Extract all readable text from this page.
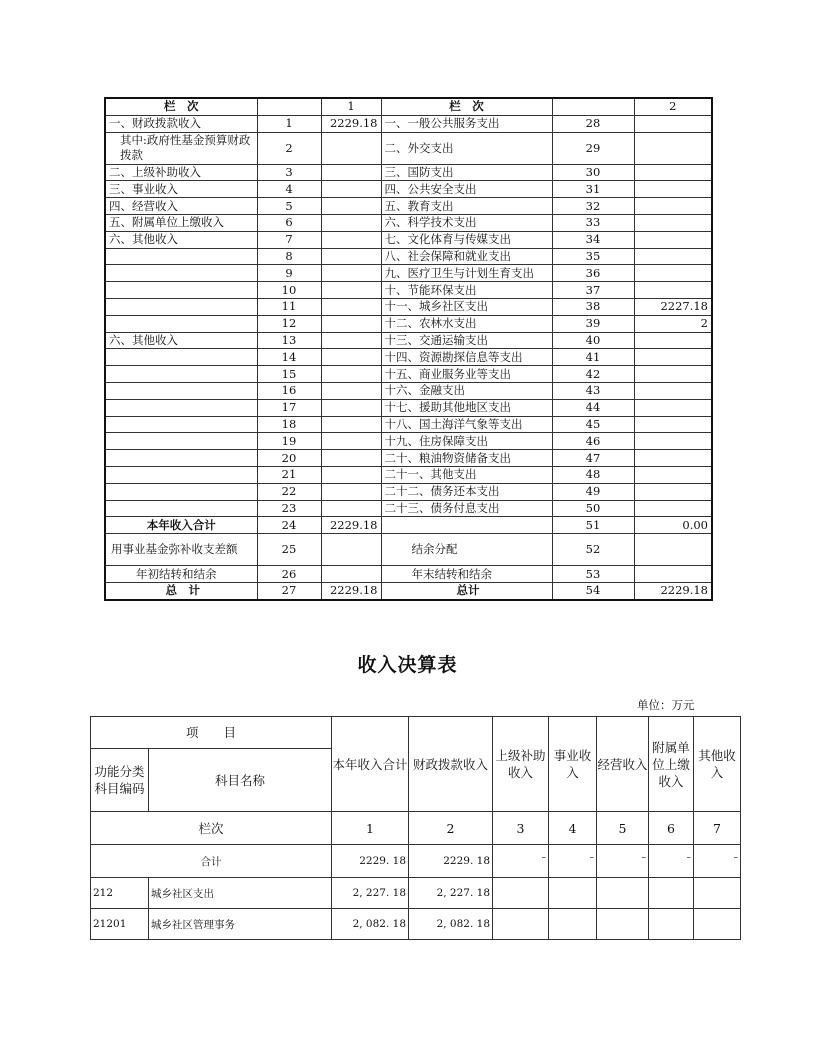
栏　次		1	栏　次		2
一、财政拨款收入	1	2229.18	一、一般公共服务支出	28	
其中:政府性基金预算财政拨款	2		二、外交支出	29	
二、上级补助收入	3		三、国防支出	30	
三、事业收入	4		四、公共安全支出	31	
四、经营收入	5		五、教育支出	32	
五、附属单位上缴收入	6		六、科学技术支出	33	
六、其他收入	7		七、文化体育与传媒支出	34	
	8		八、社会保障和就业支出	35	
	9		九、医疗卫生与计划生育支出	36	
	10		十、节能环保支出	37	
	11		十一、城乡社区支出	38	2227.18
	12		十二、农林水支出	39	2
六、其他收入	13		十三、交通运输支出	40	
	14		十四、资源勘探信息等支出	41	
	15		十五、商业服务业等支出	42	
	16		十六、金融支出	43	
	17		十七、援助其他地区支出	44	
	18		十八、国土海洋气象等支出	45	
	19		十九、住房保障支出	46	
	20		二十、粮油物资储备支出	47	
	21		二十一、其他支出	48	
	22		二十二、债务还本支出	49	
	23		二十三、债务付息支出	50	
本年收入合计	24	2229.18		51	0.00
用事业基金弥补收支差额	25		结余分配	52	
年初结转和结余	26		年末结转和结余	53	
总　计	27	2229.18	总计	54	2229.18
收入决算表
单位：万元
项　　目		本年收入合计	财政拨款收入	上级补助收入	事业收入	经营收入	附属单位上缴收入	其他收入
功能分类科目编码	科目名称							
栏次		1	2	3	4	5	6	7
合计		2229. 18	2229. 18	–	–	–	–	–
212	城乡社区支出	2, 227. 18	2, 227. 18					
21201	城乡社区管理事务	2, 082. 18	2, 082. 18					
